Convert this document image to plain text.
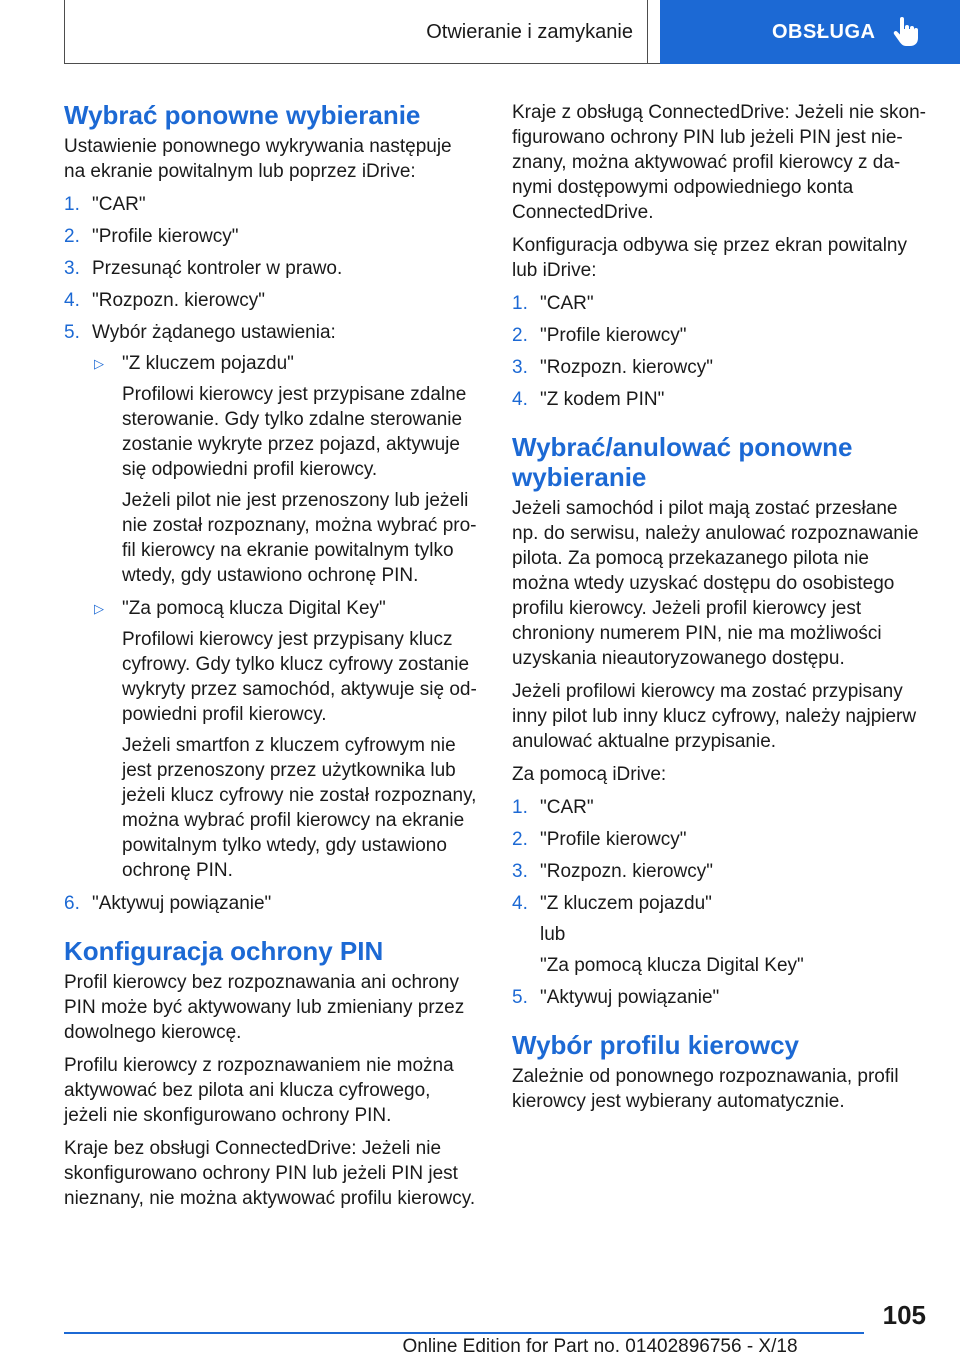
Otwieranie i zamykanie	OBSŁUGA
Wybrać ponowne wybieranie

Ustawienie ponownego wykrywania następuje na ekranie powitalnym lub poprzez iDrive:

1. "CAR"
2. "Profile kierowcy"
3. Przesunąć kontroler w prawo.
4. "Rozpozn. kierowcy"
5. Wybór żądanego ustawienia:
▷ "Z kluczem pojazdu"

Profilowi kierowcy jest przypisane zdalne sterowanie. Gdy tylko zdalne sterowanie zostanie wykryte przez pojazd, aktywuje się odpowiedni profil kierowcy.

Jeżeli pilot nie jest przenoszony lub jeżeli nie został rozpoznany, można wybrać profil kierowcy na ekranie powitalnym tylko wtedy, gdy ustawiono ochronę PIN.

▷ "Za pomocą klucza Digital Key"

Profilowi kierowcy jest przypisany klucz cyfrowy. Gdy tylko klucz cyfrowy zostanie wykryty przez samochód, aktywuje się odpowiedni profil kierowcy.

Jeżeli smartfon z kluczem cyfrowym nie jest przenoszony przez użytkownika lub jeżeli klucz cyfrowy nie został rozpoznany, można wybrać profil kierowcy na ekranie powitalnym tylko wtedy, gdy ustawiono ochronę PIN.

6. "Aktywuj powiązanie"
Konfiguracja ochrony PIN

Profil kierowcy bez rozpoznawania ani ochrony PIN może być aktywowany lub zmieniany przez dowolnego kierowcę.

Profilu kierowcy z rozpoznawaniem nie można aktywować bez pilota ani klucza cyfrowego, jeżeli nie skonfigurowano ochrony PIN.

Kraje bez obsługi ConnectedDrive: Jeżeli nie skonfigurowano ochrony PIN lub jeżeli PIN jest nieznany, nie można aktywować profilu kierowcy.

Kraje z obsługą ConnectedDrive: Jeżeli nie skonfigurowano ochrony PIN lub jeżeli PIN jest nieznany, można aktywować profil kierowcy z danymi dostępowymi odpowiedniego konta ConnectedDrive.

Konfiguracja odbywa się przez ekran powitalny lub iDrive:

1. "CAR"
2. "Profile kierowcy"
3. "Rozpozn. kierowcy"
4. "Z kodem PIN"
Wybrać/anulować ponowne wybieranie

Jeżeli samochód i pilot mają zostać przesłane np. do serwisu, należy anulować rozpoznawanie pilota. Za pomocą przekazanego pilota nie można wtedy uzyskać dostępu do osobistego profilu kierowcy. Jeżeli profil kierowcy jest chroniony numerem PIN, nie ma możliwości uzyskania nieautoryzowanego dostępu.

Jeżeli profilowi kierowcy ma zostać przypisany inny pilot lub inny klucz cyfrowy, należy najpierw anulować aktualne przypisanie.

Za pomocą iDrive:

1. "CAR"
2. "Profile kierowcy"
3. "Rozpozn. kierowcy"
4. "Z kluczem pojazdu"

lub

"Za pomocą klucza Digital Key"

5. "Aktywuj powiązanie"
Wybór profilu kierowcy

Zależnie od ponownego rozpoznawania, profil kierowcy jest wybierany automatycznie.

105
Online Edition for Part no. 01402896756 - X/18
